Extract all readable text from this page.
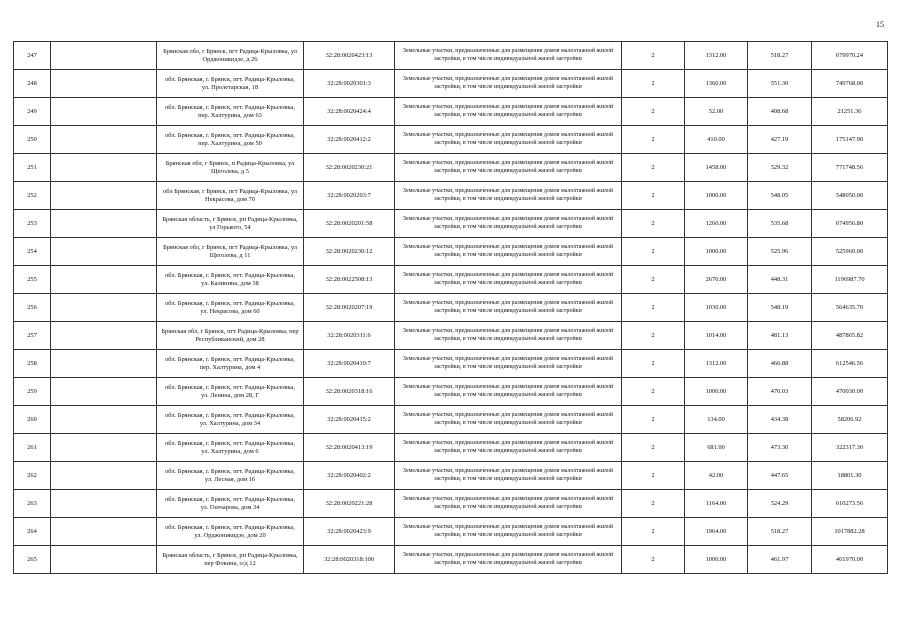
15
247		Брянская обл, г Брянск, пгт Радица-Крыловка, ул Орджоникидзе, д 26	32:28:0020423:13	Земельные участки, предназначенные для размещения домов малоэтажной жилой застройки, в том числе индивидуальной жилой застройки	2	1312.00	518.27	679970.24
248		обл. Брянская, г. Брянск, пгт. Радица-Крыловка, ул. Пролетарская, 18	32:28:0020301:3	Земельные участки, предназначенные для размещения домов малоэтажной жилой застройки, в том числе индивидуальной жилой застройки	2	1360.00	551.30	749768.00
249		обл. Брянская, г. Брянск, пгт. Радица-Крыловка, пер. Халтурина, дом 63	32:28:0020424:4	Земельные участки, предназначенные для размещения домов малоэтажной жилой застройки, в том числе индивидуальной жилой застройки	2	52.00	408.68	21251.36
250		обл. Брянская, г. Брянск, пгт. Радица-Крыловка, пер. Халтурина, дом 50	32:28:0020412:2	Земельные участки, предназначенные для размещения домов малоэтажной жилой застройки, в том числе индивидуальной жилой застройки	2	410.00	427.19	175147.90
251		Брянская обл, г Брянск, п Радица-Крыловка, ул Щеголева, д 5	32:28:0020230:21	Земельные участки, предназначенные для размещения домов малоэтажной жилой застройки, в том числе индивидуальной жилой застройки	2	1458.00	529.32	771748.56
252		обл Брянская, г Брянск, пгт Радица-Крыловка, ул Некрасова, дом 70	32:28:0020203:7	Земельные участки, предназначенные для размещения домов малоэтажной жилой застройки, в том числе индивидуальной жилой застройки	2	1000.00	548.05	548050.00
253		Брянская область, г Брянск, рп Радица-Крыловка, ул Горького, 54	32:28:0020201:58	Земельные участки, предназначенные для размещения домов малоэтажной жилой застройки, в том числе индивидуальной жилой застройки	2	1260.00	535.68	674956.80
254		Брянская обл, г Брянск, пгт Радица-Крыловка, ул Щеголева, д 11	32:28:0020230:12	Земельные участки, предназначенные для размещения домов малоэтажной жилой застройки, в том числе индивидуальной жилой застройки	2	1000.00	525.96	525960.00
255		обл. Брянская, г. Брянск, пгт. Радица-Крыловка, ул. Калинина, дом 38	32:28:0022508:13	Земельные участки, предназначенные для размещения домов малоэтажной жилой застройки, в том числе индивидуальной жилой застройки	2	2670.00	448.31	1196987.70
256		обл. Брянская, г. Брянск, пгт. Радица-Крыловка, ул. Некрасова, дом 60	32:28:0020207:19	Земельные участки, предназначенные для размещения домов малоэтажной жилой застройки, в том числе индивидуальной жилой застройки	2	1030.00	548.19	564635.70
257		Брянская обл, г Брянск, пгт Радица-Крыловка, пер Республиканский, дом 28	32:28:0020311:6	Земельные участки, предназначенные для размещения домов малоэтажной жилой застройки, в том числе индивидуальной жилой застройки	2	1014.00	481.13	487865.82
258		обл. Брянская, г. Брянск, пгт. Радица-Крыловка, пер. Халтурина, дом 4	32:28:0020410:7	Земельные участки, предназначенные для размещения домов малоэтажной жилой застройки, в том числе индивидуальной жилой застройки	2	1312.00	466.88	612546.56
259		обл. Брянская, г. Брянск, пгт. Радица-Крыловка, ул. Ленина, дом 28, Г	32:28:0020318:16	Земельные участки, предназначенные для размещения домов малоэтажной жилой застройки, в том числе индивидуальной жилой застройки	2	1000.00	470.03	470030.00
260		обл. Брянская, г. Брянск, пгт. Радица-Крыловка, ул. Халтурина, дом 34	32:28:0020415:2	Земельные участки, предназначенные для размещения домов малоэтажной жилой застройки, в том числе индивидуальной жилой застройки	2	134.00	434.38	58206.92
261		обл. Брянская, г. Брянск, пгт. Радица-Крыловка, ул. Халтурина, дом 6	32:28:0020413:19	Земельные участки, предназначенные для размещения домов малоэтажной жилой застройки, в том числе индивидуальной жилой застройки	2	681.00	473.30	322317.30
262		обл. Брянская, г. Брянск, пгт. Радица-Крыловка, ул. Лесная, дом 16	32:28:0020402:2	Земельные участки, предназначенные для размещения домов малоэтажной жилой застройки, в том числе индивидуальной жилой застройки	2	42.00	447.65	18801.30
263		обл. Брянская, г. Брянск, пгт. Радица-Крыловка, ул. Гончарова, дом 34	32:28:0020221:28	Земельные участки, предназначенные для размещения домов малоэтажной жилой застройки, в том числе индивидуальной жилой застройки	2	1164.00	524.29	610273.56
264		обл. Брянская, г. Брянск, пгт. Радица-Крыловка, ул. Орджоникидзе, дом 20	32:28:0020423:9	Земельные участки, предназначенные для размещения домов малоэтажной жилой застройки, в том числе индивидуальной жилой застройки	2	1964.00	518.27	1017882.28
265		Брянская область, г Брянск, рп Радица-Крыловка, пер Фокина, о/д 12	32:28:0020318:100	Земельные участки, предназначенные для размещения домов малоэтажной жилой застройки, в том числе индивидуальной жилой застройки	2	1000.00	461.97	461970.00
